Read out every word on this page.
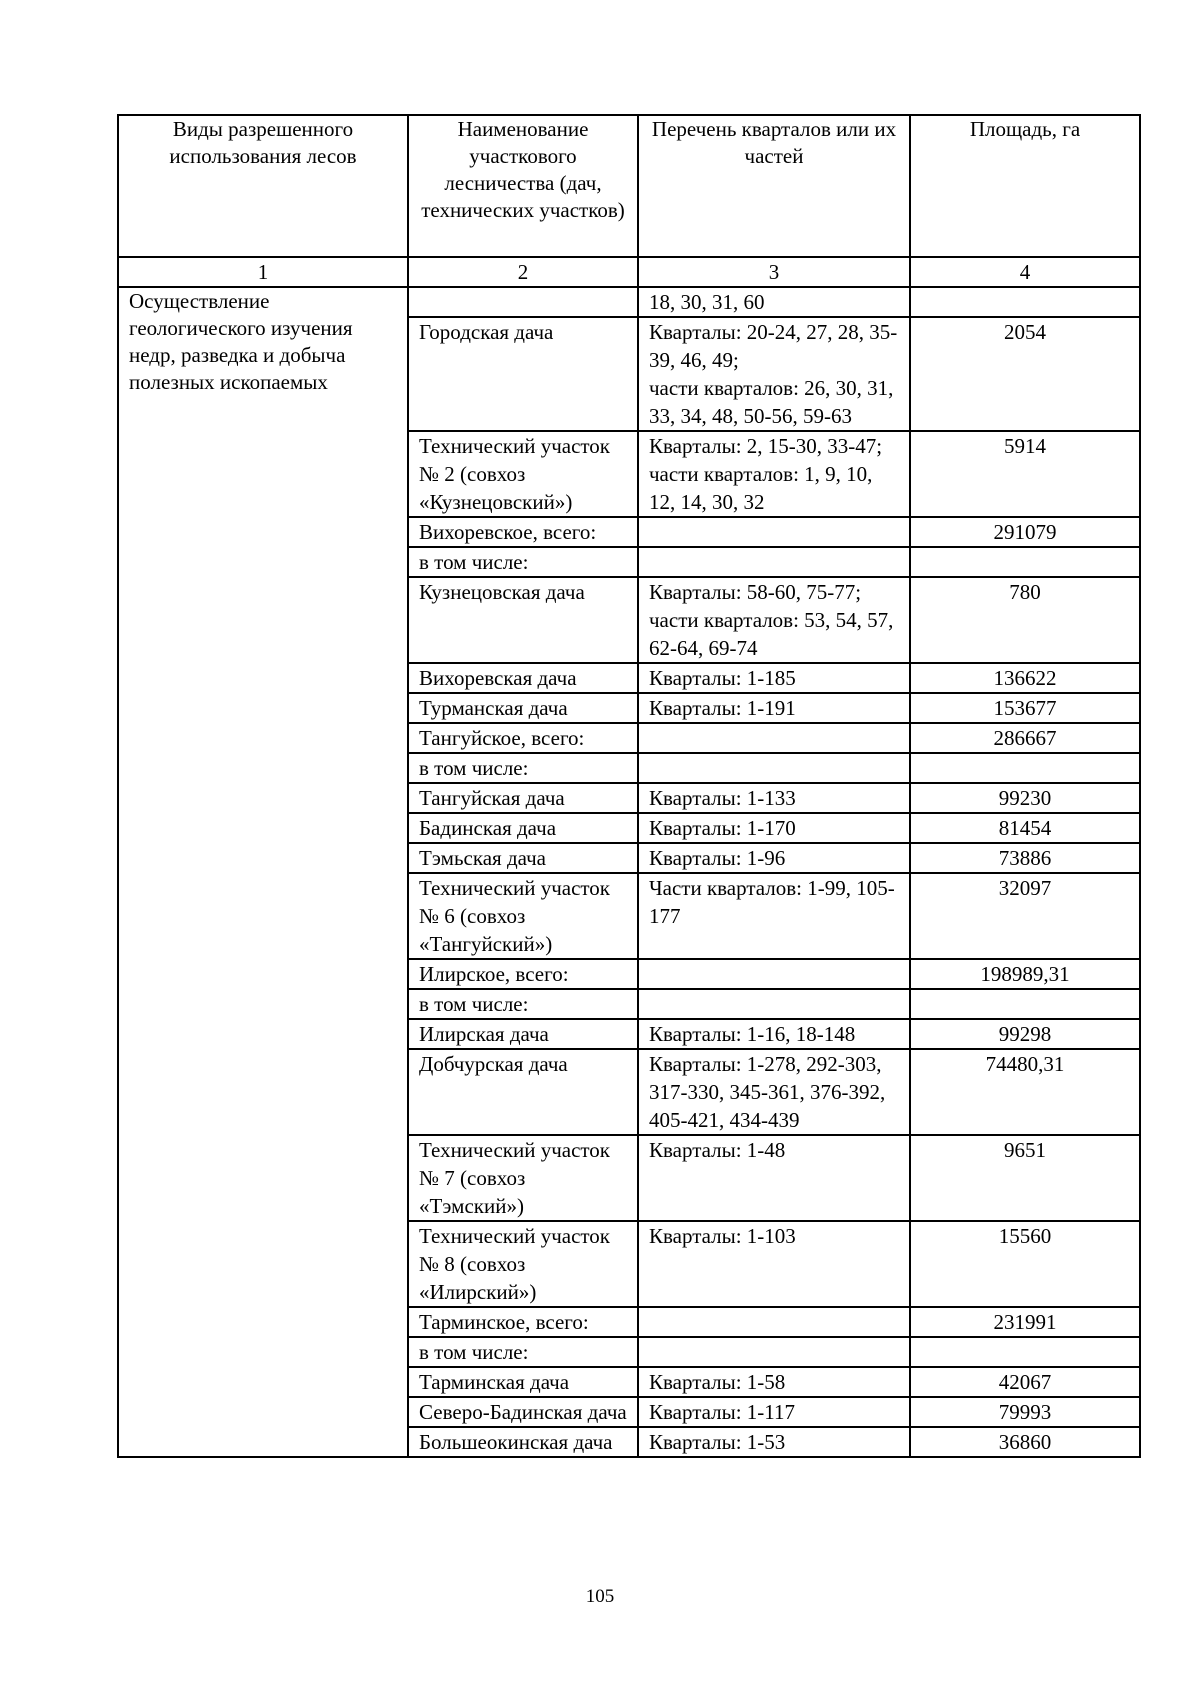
Виды разрешенного использования лесов	Наименование участкового лесничества (дач, технических участков)	Перечень кварталов или их частей	Площадь, га
1	2	3	4
Осуществление геологического изучения недр, разведка и добыча полезных ископаемых		18, 30, 31, 60	
	Городская дача	Кварталы: 20-24, 27, 28, 35-39, 46, 49;
части кварталов: 26, 30, 31, 33, 34, 48, 50-56, 59-63	2054
	Технический участок № 2 (совхоз «Кузнецовский»)	Кварталы: 2, 15-30, 33-47;
части кварталов: 1, 9, 10, 12, 14, 30, 32	5914
	Вихоревское, всего:		291079
	в том числе:		
	Кузнецовская дача	Кварталы: 58-60, 75-77;
части кварталов: 53, 54, 57, 62-64, 69-74	780
	Вихоревская дача	Кварталы: 1-185	136622
	Турманская дача	Кварталы: 1-191	153677
	Тангуйское, всего:		286667
	в том числе:		
	Тангуйская дача	Кварталы: 1-133	99230
	Бадинская дача	Кварталы: 1-170	81454
	Тэмьская дача	Кварталы: 1-96	73886
	Технический участок № 6 (совхоз «Тангуйский»)	Части кварталов: 1-99, 105-177	32097
	Илирское, всего:		198989,31
	в том числе:		
	Илирская дача	Кварталы: 1-16, 18-148	99298
	Добчурская дача	Кварталы: 1-278, 292-303, 317-330, 345-361, 376-392, 405-421, 434-439	74480,31
	Технический участок № 7 (совхоз «Тэмский»)	Кварталы: 1-48	9651
	Технический участок № 8 (совхоз «Илирский»)	Кварталы: 1-103	15560
	Тарминское, всего:		231991
	в том числе:		
	Тарминская дача	Кварталы: 1-58	42067
	Северо-Бадинская дача	Кварталы: 1-117	79993
	Большеокинская дача	Кварталы: 1-53	36860
105
